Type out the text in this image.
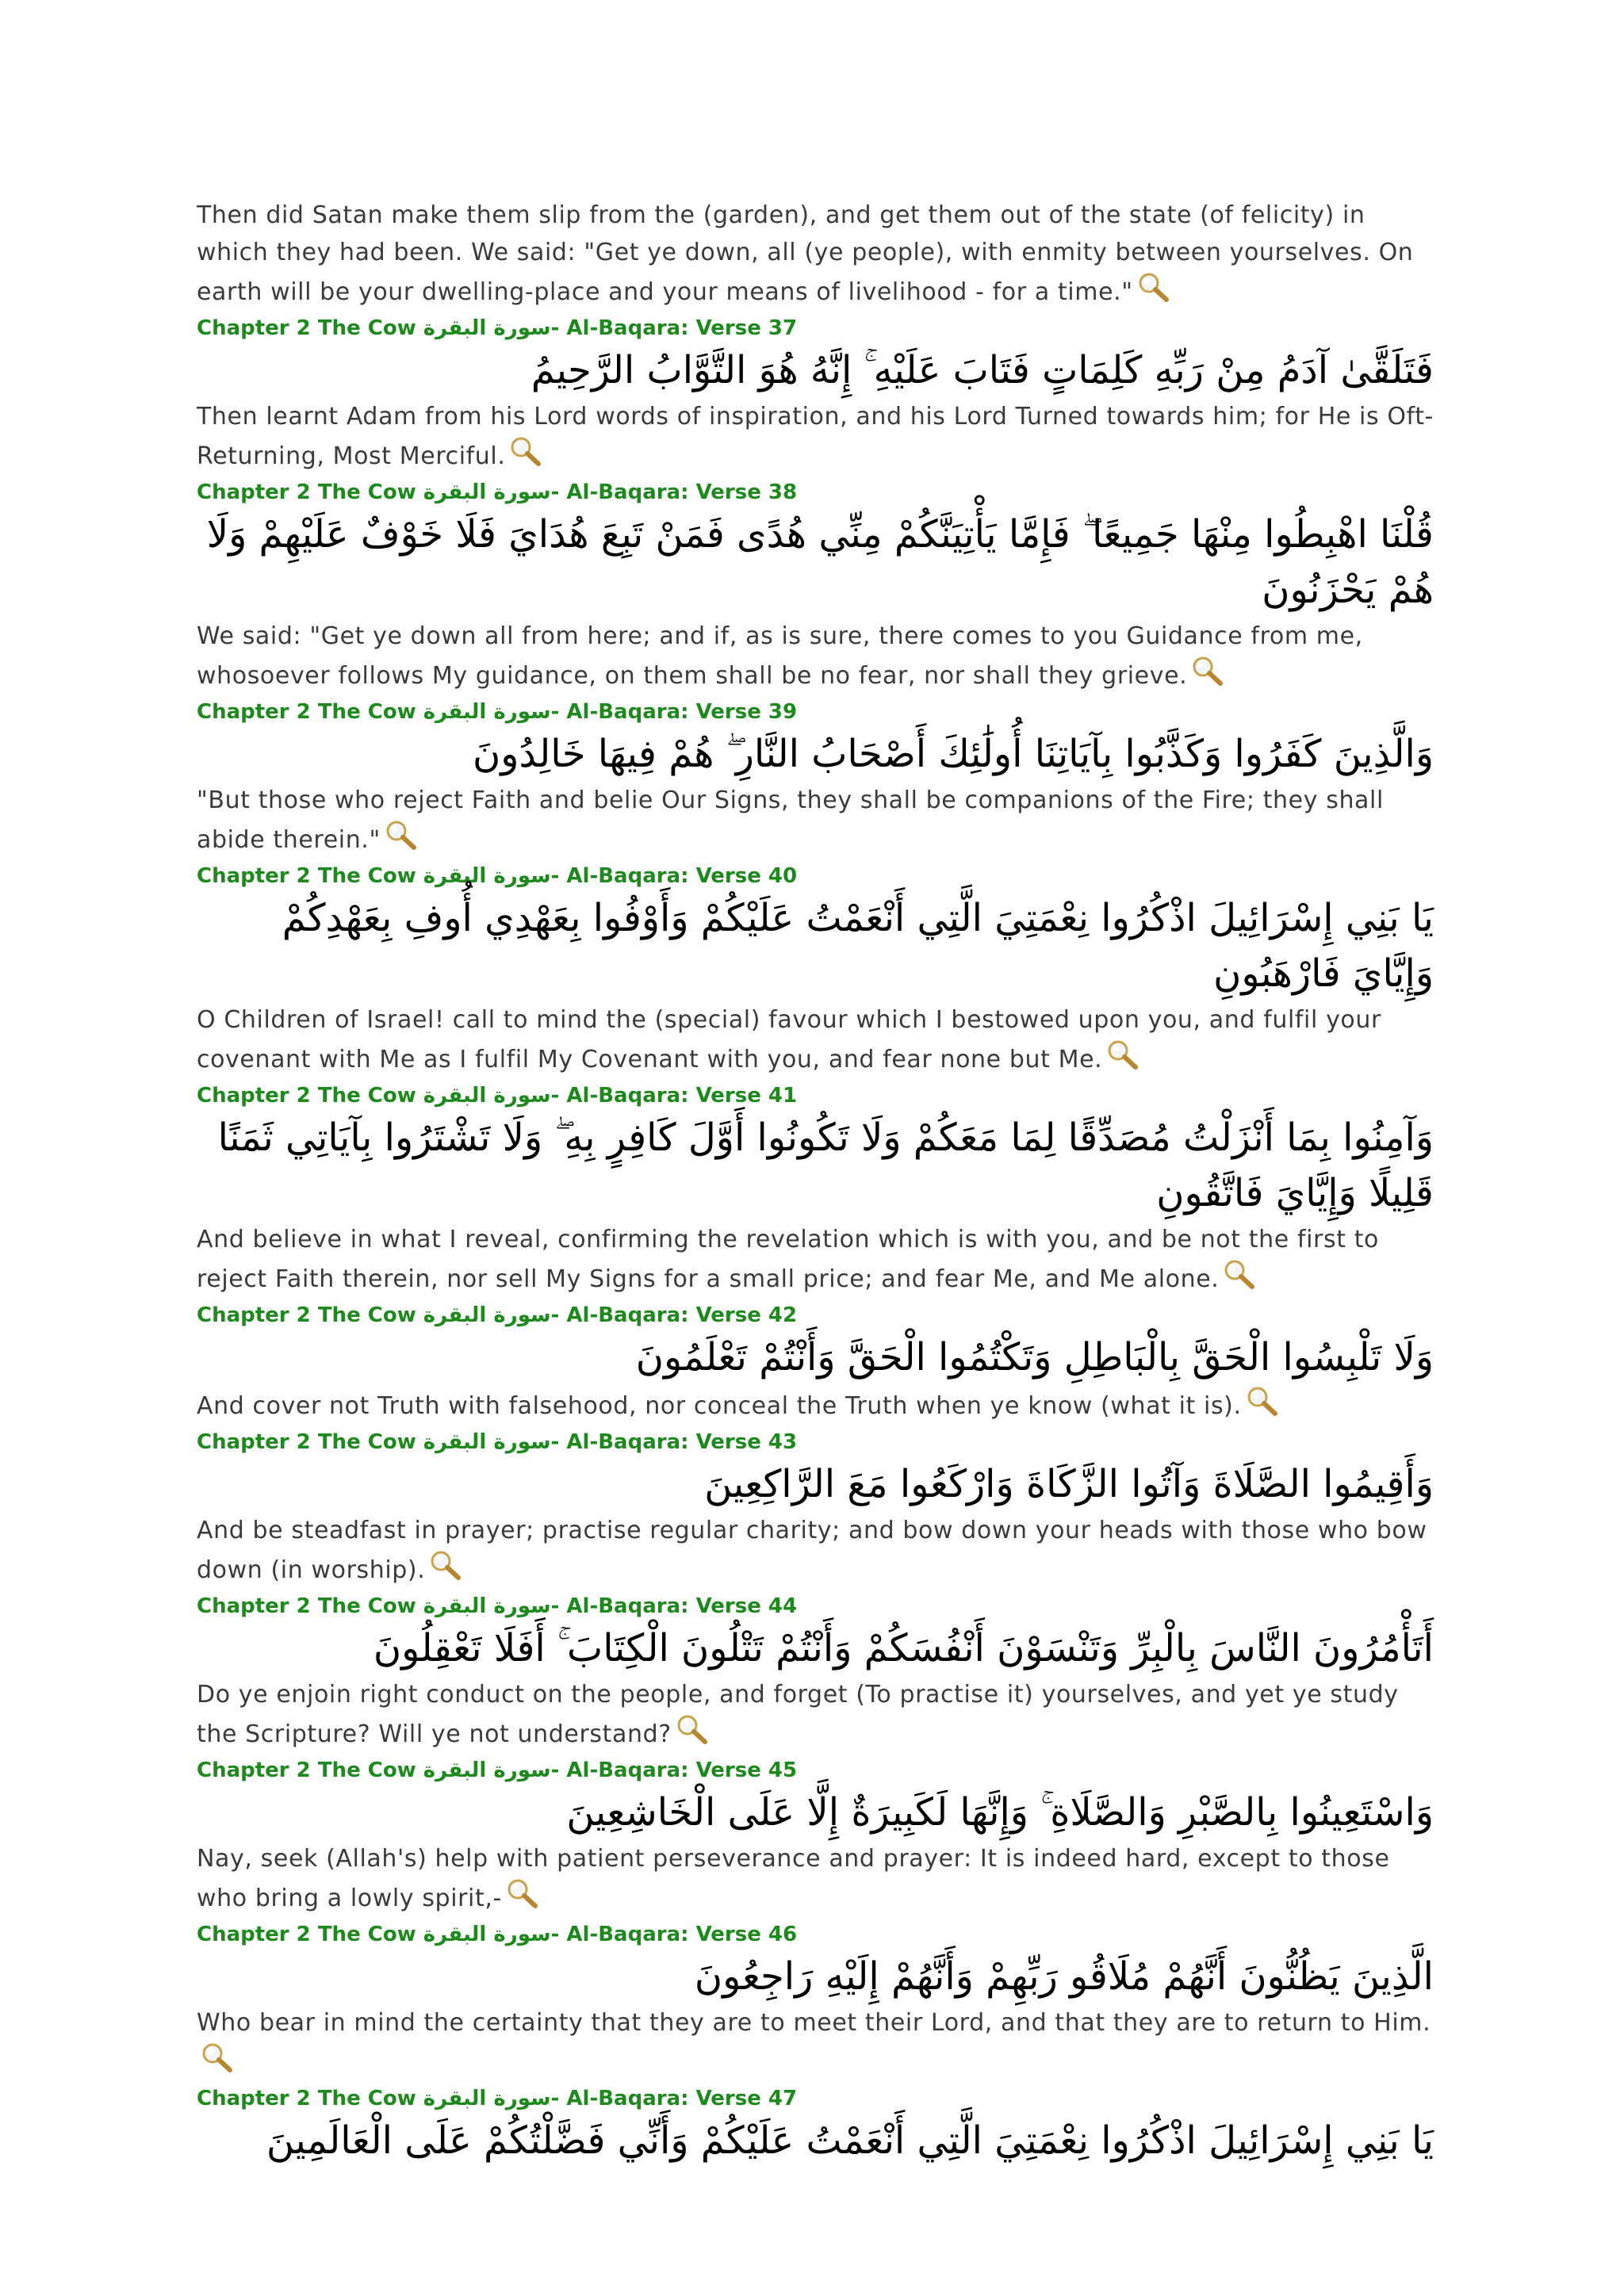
Then did Satan make them slip from the (garden), and get them out of the state (of felicity) in which they had been. We said: "Get ye down, all (ye people), with enmity between yourselves. On earth will be your dwelling-place and your means of livelihood - for a time."
Chapter 2 The Cow سورة البقرة- Al-Baqara: Verse 37
فَتَلَقَّىٰ آدَمُ مِنْ رَبِّهِ كَلِمَاتٍ فَتَابَ عَلَيْهِ ۚ إِنَّهُ هُوَ التَّوَّابُ الرَّحِيمُ
Then learnt Adam from his Lord words of inspiration, and his Lord Turned towards him; for He is Oft-Returning, Most Merciful.
Chapter 2 The Cow سورة البقرة- Al-Baqara: Verse 38
قُلْنَا اهْبِطُوا مِنْهَا جَمِيعًا ۖ فَإِمَّا يَأْتِيَنَّكُمْ مِنِّي هُدًى فَمَنْ تَبِعَ هُدَايَ فَلَا خَوْفٌ عَلَيْهِمْ وَلَا هُمْ يَحْزَنُونَ
We said: "Get ye down all from here; and if, as is sure, there comes to you Guidance from me, whosoever follows My guidance, on them shall be no fear, nor shall they grieve.
Chapter 2 The Cow سورة البقرة- Al-Baqara: Verse 39
وَالَّذِينَ كَفَرُوا وَكَذَّبُوا بِآيَاتِنَا أُولَٰئِكَ أَصْحَابُ النَّارِ ۖ هُمْ فِيهَا خَالِدُونَ
"But those who reject Faith and belie Our Signs, they shall be companions of the Fire; they shall abide therein."
Chapter 2 The Cow سورة البقرة- Al-Baqara: Verse 40
يَا بَنِي إِسْرَائِيلَ اذْكُرُوا نِعْمَتِيَ الَّتِي أَنْعَمْتُ عَلَيْكُمْ وَأَوْفُوا بِعَهْدِي أُوفِ بِعَهْدِكُمْ وَإِيَّايَ فَارْهَبُونِ
O Children of Israel! call to mind the (special) favour which I bestowed upon you, and fulfil your covenant with Me as I fulfil My Covenant with you, and fear none but Me.
Chapter 2 The Cow سورة البقرة- Al-Baqara: Verse 41
وَآمِنُوا بِمَا أَنْزَلْتُ مُصَدِّقًا لِمَا مَعَكُمْ وَلَا تَكُونُوا أَوَّلَ كَافِرٍ بِهِ ۖ وَلَا تَشْتَرُوا بِآيَاتِي ثَمَنًا قَلِيلًا وَإِيَّايَ فَاتَّقُونِ
And believe in what I reveal, confirming the revelation which is with you, and be not the first to reject Faith therein, nor sell My Signs for a small price; and fear Me, and Me alone.
Chapter 2 The Cow سورة البقرة- Al-Baqara: Verse 42
وَلَا تَلْبِسُوا الْحَقَّ بِالْبَاطِلِ وَتَكْتُمُوا الْحَقَّ وَأَنْتُمْ تَعْلَمُونَ
And cover not Truth with falsehood, nor conceal the Truth when ye know (what it is).
Chapter 2 The Cow سورة البقرة- Al-Baqara: Verse 43
وَأَقِيمُوا الصَّلَاةَ وَآتُوا الزَّكَاةَ وَارْكَعُوا مَعَ الرَّاكِعِينَ
And be steadfast in prayer; practise regular charity; and bow down your heads with those who bow down (in worship).
Chapter 2 The Cow سورة البقرة- Al-Baqara: Verse 44
أَتَأْمُرُونَ النَّاسَ بِالْبِرِّ وَتَنْسَوْنَ أَنْفُسَكُمْ وَأَنْتُمْ تَتْلُونَ الْكِتَابَ ۚ أَفَلَا تَعْقِلُونَ
Do ye enjoin right conduct on the people, and forget (To practise it) yourselves, and yet ye study the Scripture? Will ye not understand?
Chapter 2 The Cow سورة البقرة- Al-Baqara: Verse 45
وَاسْتَعِينُوا بِالصَّبْرِ وَالصَّلَاةِ ۚ وَإِنَّهَا لَكَبِيرَةٌ إِلَّا عَلَى الْخَاشِعِينَ
Nay, seek (Allah's) help with patient perseverance and prayer: It is indeed hard, except to those who bring a lowly spirit,-
Chapter 2 The Cow سورة البقرة- Al-Baqara: Verse 46
الَّذِينَ يَظُنُّونَ أَنَّهُمْ مُلَاقُو رَبِّهِمْ وَأَنَّهُمْ إِلَيْهِ رَاجِعُونَ
Who bear in mind the certainty that they are to meet their Lord, and that they are to return to Him.
Chapter 2 The Cow سورة البقرة- Al-Baqara: Verse 47
يَا بَنِي إِسْرَائِيلَ اذْكُرُوا نِعْمَتِيَ الَّتِي أَنْعَمْتُ عَلَيْكُمْ وَأَنِّي فَضَّلْتُكُمْ عَلَى الْعَالَمِينَ
